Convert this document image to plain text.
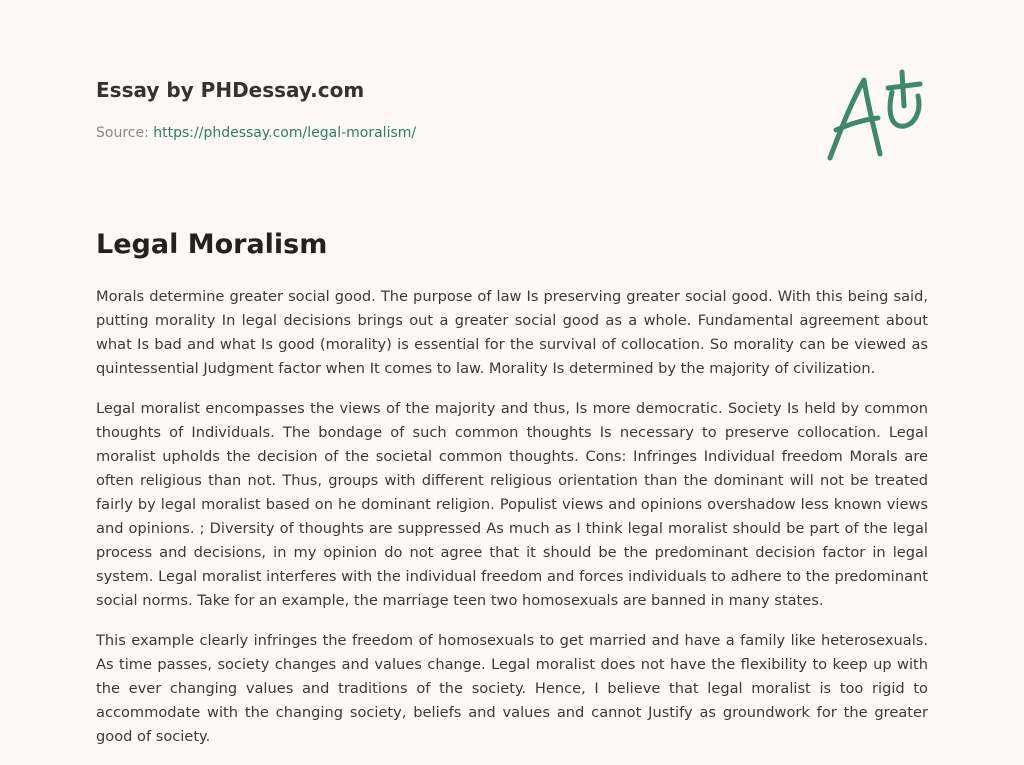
Essay by PHDessay.com
Source: https://phdessay.com/legal-moralism/
Legal Moralism

Morals determine greater social good. The purpose of law Is preserving greater social good. With this being said, putting morality In legal decisions brings out a greater social good as a whole. Fundamental agreement about what Is bad and what Is good (morality) is essential for the survival of collocation. So morality can be viewed as quintessential Judgment factor when It comes to law. Morality Is determined by the majority of civilization.

Legal moralist encompasses the views of the majority and thus, Is more democratic. Society Is held by common thoughts of Individuals. The bondage of such common thoughts Is necessary to preserve collocation. Legal moralist upholds the decision of the societal common thoughts. Cons: Infringes Individual freedom Morals are often religious than not. Thus, groups with different religious orientation than the dominant will not be treated fairly by legal moralist based on he dominant religion. Populist views and opinions overshadow less known views and opinions. ; Diversity of thoughts are suppressed As much as I think legal moralist should be part of the legal process and decisions, in my opinion do not agree that it should be the predominant decision factor in legal system. Legal moralist interferes with the individual freedom and forces individuals to adhere to the predominant social norms. Take for an example, the marriage teen two homosexuals are banned in many states.

This example clearly infringes the freedom of homosexuals to get married and have a family like heterosexuals. As time passes, society changes and values change. Legal moralist does not have the flexibility to keep up with the ever changing values and traditions of the society. Hence, I believe that legal moralist is too rigid to accommodate with the changing society, beliefs and values and cannot Justify as groundwork for the greater good of society.
